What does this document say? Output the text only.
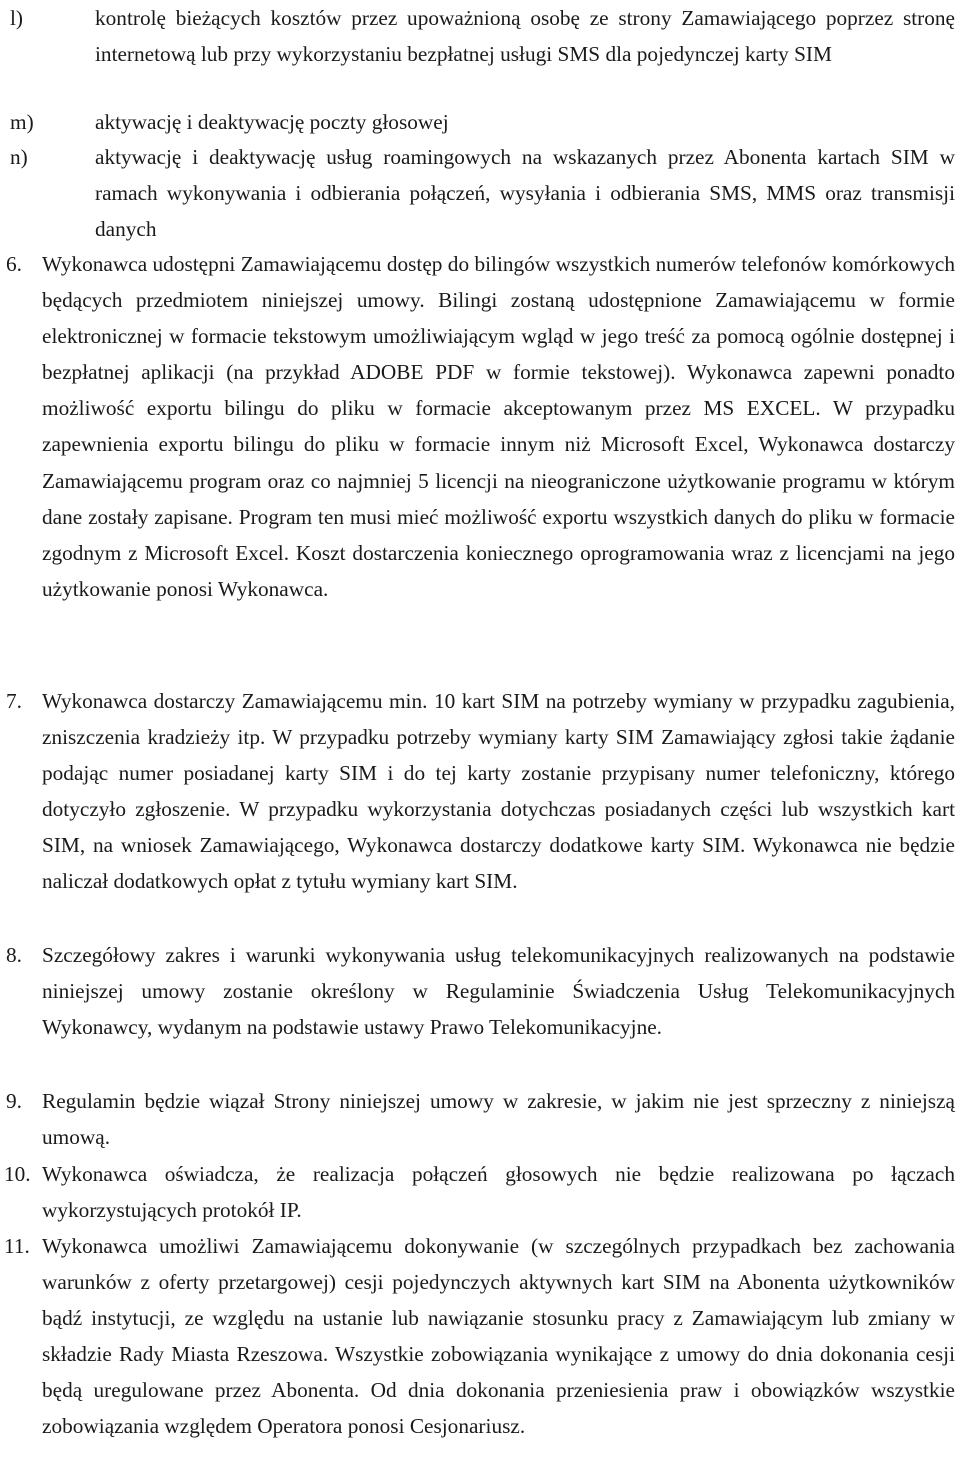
l)	kontrolę bieżących kosztów przez upoważnioną osobę ze strony Zamawiającego poprzez stronę internetową lub przy wykorzystaniu bezpłatnej usługi SMS dla pojedynczej karty SIM
m)	aktywację i deaktywację poczty głosowej
n)	aktywację i deaktywację usług roamingowych na wskazanych przez Abonenta kartach SIM w ramach wykonywania i odbierania połączeń, wysyłania i odbierania SMS, MMS oraz transmisji danych
6. Wykonawca udostępni Zamawiającemu dostęp do bilingów wszystkich numerów telefonów komórkowych będących przedmiotem niniejszej umowy. Bilingi zostaną udostępnione Zamawiającemu w formie elektronicznej w formacie tekstowym umożliwiającym wgląd w jego treść za pomocą ogólnie dostępnej i bezpłatnej aplikacji (na przykład ADOBE PDF w formie tekstowej). Wykonawca zapewni ponadto możliwość exportu bilingu do pliku w formacie akceptowanym przez MS EXCEL. W przypadku zapewnienia exportu bilingu do pliku w formacie innym niż Microsoft Excel, Wykonawca dostarczy Zamawiającemu program oraz co najmniej 5 licencji na nieograniczone użytkowanie programu w którym dane zostały zapisane. Program ten musi mieć możliwość exportu wszystkich danych do pliku w formacie zgodnym z Microsoft Excel. Koszt dostarczenia koniecznego oprogramowania wraz z licencjami na jego użytkowanie ponosi Wykonawca.
7. Wykonawca dostarczy Zamawiającemu min. 10 kart SIM na potrzeby wymiany w przypadku zagubienia, zniszczenia kradzieży itp. W przypadku potrzeby wymiany karty SIM Zamawiający zgłosi takie żądanie podając numer posiadanej karty SIM i do tej karty zostanie przypisany numer telefoniczny, którego dotyczyło zgłoszenie. W przypadku wykorzystania dotychczas posiadanych części lub wszystkich kart SIM, na wniosek Zamawiającego, Wykonawca dostarczy dodatkowe karty SIM. Wykonawca nie będzie naliczał dodatkowych opłat z tytułu wymiany kart SIM.
8. Szczegółowy zakres i warunki wykonywania usług telekomunikacyjnych realizowanych na podstawie niniejszej umowy zostanie określony w Regulaminie Świadczenia Usług Telekomunikacyjnych Wykonawcy, wydanym na podstawie ustawy Prawo Telekomunikacyjne.
9. Regulamin będzie wiązał Strony niniejszej umowy w zakresie, w jakim nie jest sprzeczny z niniejszą umową.
10. Wykonawca oświadcza, że realizacja połączeń głosowych nie będzie realizowana po łączach wykorzystujących protokół IP.
11. Wykonawca umożliwi Zamawiającemu dokonywanie (w szczególnych przypadkach bez zachowania warunków z oferty przetargowej) cesji pojedynczych aktywnych kart SIM na Abonenta użytkowników bądź instytucji, ze względu na ustanie lub nawiązanie stosunku pracy z Zamawiającym lub zmiany w składzie Rady Miasta Rzeszowa. Wszystkie zobowiązania wynikające z umowy do dnia dokonania cesji będą uregulowane przez Abonenta. Od dnia dokonania przeniesienia praw i obowiązków wszystkie zobowiązania względem Operatora ponosi Cesjonariusz.
